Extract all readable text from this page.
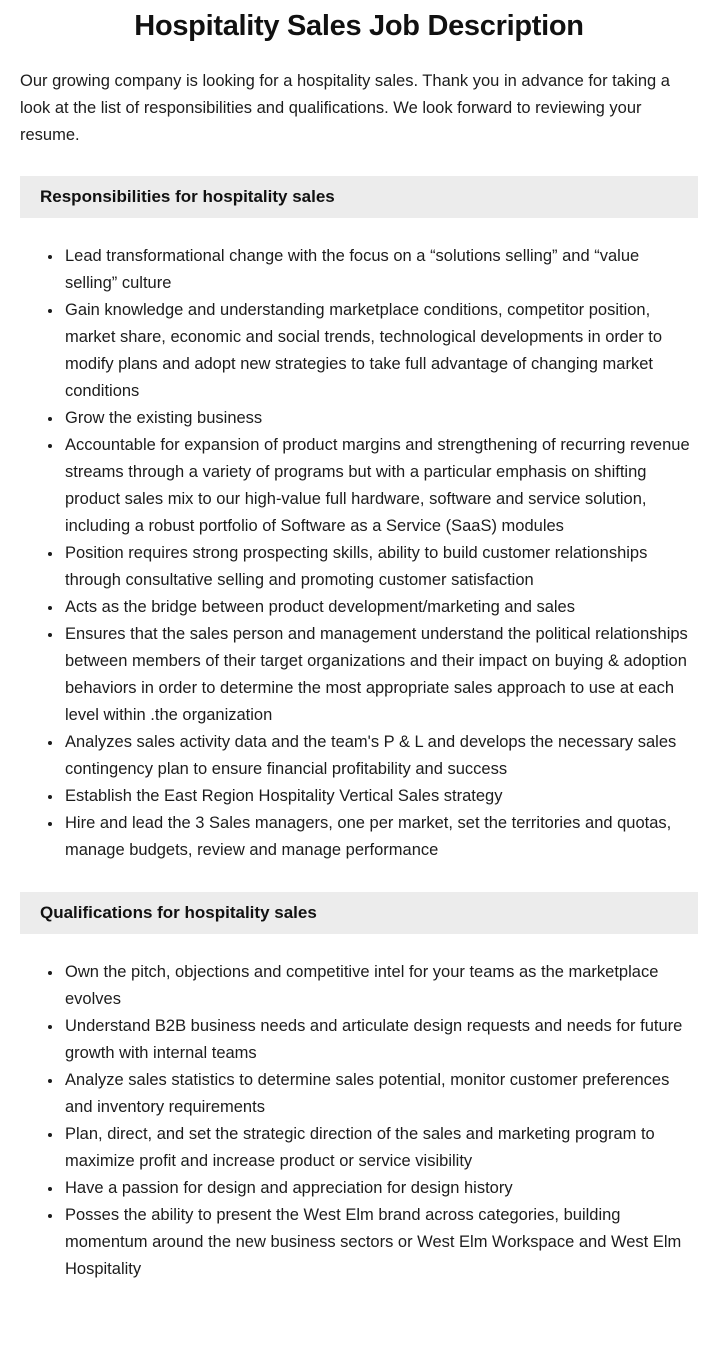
Hospitality Sales Job Description

Our growing company is looking for a hospitality sales. Thank you in advance for taking a look at the list of responsibilities and qualifications. We look forward to reviewing your resume.

Responsibilities for hospitality sales
• Lead transformational change with the focus on a “solutions selling” and “value selling” culture
• Gain knowledge and understanding marketplace conditions, competitor position, market share, economic and social trends, technological developments in order to modify plans and adopt new strategies to take full advantage of changing market conditions
• Grow the existing business
• Accountable for expansion of product margins and strengthening of recurring revenue streams through a variety of programs but with a particular emphasis on shifting product sales mix to our high-value full hardware, software and service solution, including a robust portfolio of Software as a Service (SaaS) modules
• Position requires strong prospecting skills, ability to build customer relationships through consultative selling and promoting customer satisfaction
• Acts as the bridge between product development/marketing and sales
• Ensures that the sales person and management understand the political relationships between members of their target organizations and their impact on buying & adoption behaviors in order to determine the most appropriate sales approach to use at each level within .the organization
• Analyzes sales activity data and the team's P & L and develops the necessary sales contingency plan to ensure financial profitability and success
• Establish the East Region Hospitality Vertical Sales strategy
• Hire and lead the 3 Sales managers, one per market, set the territories and quotas, manage budgets, review and manage performance
Qualifications for hospitality sales
• Own the pitch, objections and competitive intel for your teams as the marketplace evolves
• Understand B2B business needs and articulate design requests and needs for future growth with internal teams
• Analyze sales statistics to determine sales potential, monitor customer preferences and inventory requirements
• Plan, direct, and set the strategic direction of the sales and marketing program to maximize profit and increase product or service visibility
• Have a passion for design and appreciation for design history
• Posses the ability to present the West Elm brand across categories, building momentum around the new business sectors or West Elm Workspace and West Elm Hospitality
